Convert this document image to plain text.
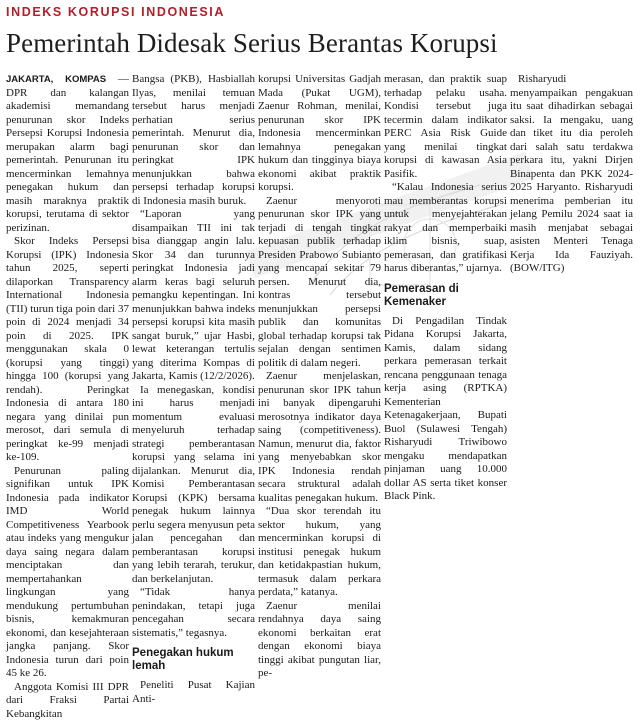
INDEKS KORUPSI INDONESIA
Pemerintah Didesak Serius Berantas Korupsi

JAKARTA, KOMPAS — DPR dan kalangan akademisi memandang penurunan skor Indeks Persepsi Korupsi Indonesia merupakan alarm bagi pemerintah. Penurunan itu mencerminkan lemahnya penegakan hukum dan masih maraknya praktik korupsi, terutama di sektor perizinan.

Skor Indeks Persepsi Korupsi (IPK) Indonesia tahun 2025, seperti dilaporkan Transparency International Indonesia (TII) turun tiga poin dari 37 poin di 2024 menjadi 34 poin di 2025. IPK menggunakan skala 0 (korupsi yang tinggi) hingga 100 (korupsi yang rendah). Peringkat Indonesia di antara 180 negara yang dinilai pun merosot, dari semula di peringkat ke-99 menjadi ke-109.

Penurunan paling signifikan untuk IPK Indonesia pada indikator IMD World Competitiveness Yearbook atau indeks yang mengukur daya saing negara dalam menciptakan dan mempertahankan lingkungan yang mendukung pertumbuhan bisnis, kemakmuran ekonomi, dan kesejahteraan jangka panjang. Skor Indonesia turun dari poin 45 ke 26.

Anggota Komisi III DPR dari Fraksi Partai Kebangkitan

Bangsa (PKB), Hasbiallah Ilyas, menilai temuan tersebut harus menjadi perhatian serius pemerintah. Menurut dia, penurunan skor dan peringkat IPK menunjukkan bahwa persepsi terhadap korupsi di Indonesia masih buruk.

“Laporan yang disampaikan TII ini tak bisa dianggap angin lalu. Skor 34 dan turunnya peringkat Indonesia jadi alarm keras bagi seluruh pemangku kepentingan. Ini menunjukkan bahwa indeks persepsi korupsi kita masih sangat buruk,” ujar Hasbi, lewat keterangan tertulis yang diterima Kompas di Jakarta, Kamis (12/2/2026).

Ia menegaskan, kondisi ini harus menjadi momentum evaluasi menyeluruh terhadap strategi pemberantasan korupsi yang selama ini dijalankan. Menurut dia, Komisi Pemberantasan Korupsi (KPK) bersama penegak hukum lainnya perlu segera menyusun peta jalan pencegahan dan pemberantasan korupsi yang lebih terarah, terukur, dan berkelanjutan.

“Tidak hanya penindakan, tetapi juga pencegahan secara sistematis,” tegasnya.

Penegakan hukum lemah

Peneliti Pusat Kajian Anti-

korupsi Universitas Gadjah Mada (Pukat UGM), Zaenur Rohman, menilai, penurunan skor IPK Indonesia mencerminkan lemahnya penegakan hukum dan tingginya biaya ekonomi akibat praktik korupsi.

Zaenur menyoroti penurunan skor IPK yang terjadi di tengah tingkat kepuasan publik terhadap Presiden Prabowo Subianto yang mencapai sekitar 79 persen. Menurut dia, kontras tersebut menunjukkan persepsi publik dan komunitas global terhadap korupsi tak sejalan dengan sentimen politik di dalam negeri.

Zaenur menjelaskan, penurunan skor IPK tahun ini banyak dipengaruhi merosotnya indikator daya saing (competitiveness). Namun, menurut dia, faktor yang menyebabkan skor IPK Indonesia rendah secara struktural adalah kualitas penegakan hukum.

“Dua skor terendah itu sektor hukum, yang mencerminkan korupsi di institusi penegak hukum dan ketidakpastian hukum, termasuk dalam perkara perdata,” katanya.

Zaenur menilai rendahnya daya saing ekonomi berkaitan erat dengan ekonomi biaya tinggi akibat pungutan liar, pe-

merasan, dan praktik suap terhadap pelaku usaha. Kondisi tersebut juga tecermin dalam indikator PERC Asia Risk Guide yang menilai tingkat korupsi di kawasan Asia Pasifik.

“Kalau Indonesia serius mau memberantas korupsi untuk menyejahterakan rakyat dan memperbaiki iklim bisnis, suap, pemerasan, dan gratifikasi harus diberantas,” ujarnya.

Pemerasan di Kemenaker

Di Pengadilan Tindak Pidana Korupsi Jakarta, Kamis, dalam sidang perkara pemerasan terkait rencana penggunaan tenaga kerja asing (RPTKA) Kementerian Ketenagakerjaan, Bupati Buol (Sulawesi Tengah) Risharyudi Triwibowo mengaku mendapatkan pinjaman uang 10.000 dollar AS serta tiket konser Black Pink.

Risharyudi menyampaikan pengakuan itu saat dihadirkan sebagai saksi. Ia mengaku, uang dan tiket itu dia peroleh dari salah satu terdakwa perkara itu, yakni Dirjen Binapenta dan PKK 2024-2025 Haryanto. Risharyudi menerima pemberian itu jelang Pemilu 2024 saat ia masih menjabat sebagai asisten Menteri Tenaga Kerja Ida Fauziyah. (BOW/ITG)
